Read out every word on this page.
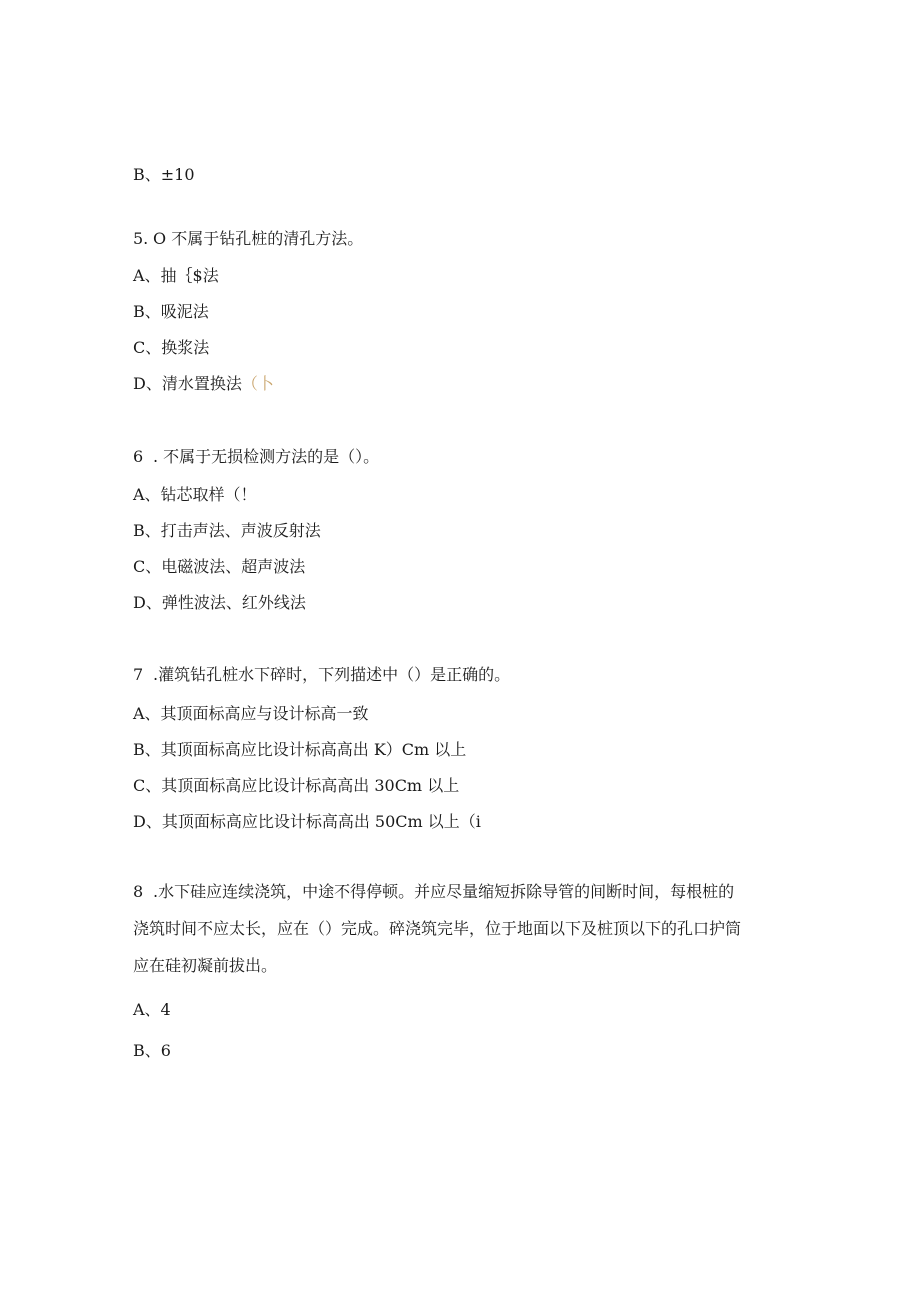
B、±10
5. O 不属于钻孔桩的清孔方法。
A、抽｛$法
B、吸泥法
C、换浆法
D、清水置换法（卜
6 . 不属于无损检测方法的是（）。
A、钻芯取样（！
B、打击声法、声波反射法
C、电磁波法、超声波法
D、弹性波法、红外线法
7 .灌筑钻孔桩水下碎时，下列描述中（）是正确的。
A、其顶面标高应与设计标高一致
B、其顶面标高应比设计标高高出 K）Cm 以上
C、其顶面标高应比设计标高高出 30Cm 以上
D、其顶面标高应比设计标高高出 50Cm 以上（ⅰ
8 .水下硅应连续浇筑，中途不得停顿。并应尽量缩短拆除导管的间断时间，每根桩的
浇筑时间不应太长，应在（）完成。碎浇筑完毕，位于地面以下及桩顶以下的孔口护筒
应在硅初凝前拔出。
A、4
B、6
